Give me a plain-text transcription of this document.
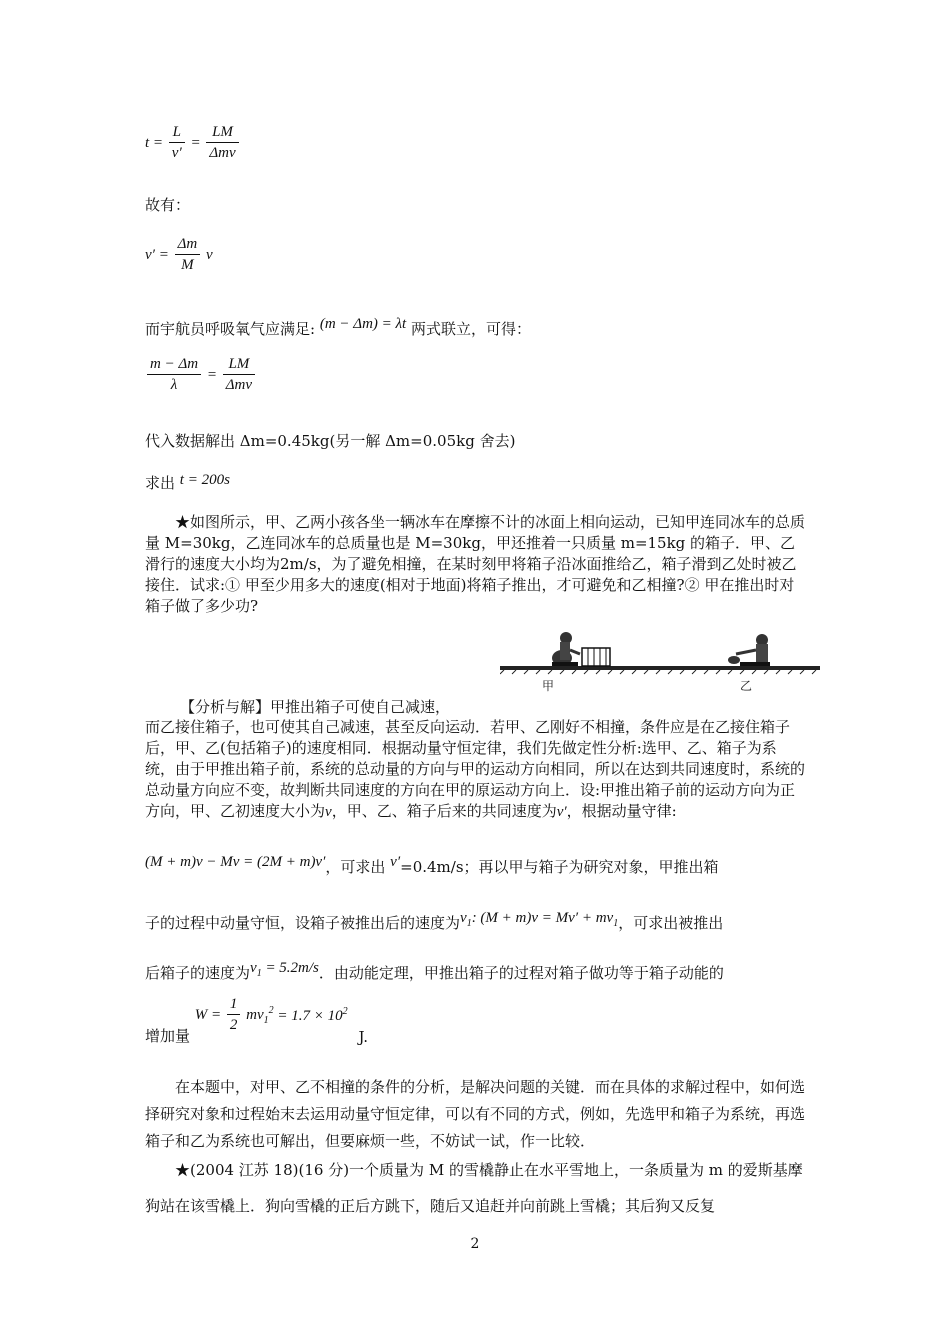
$t = \frac{L}{v'} = \frac{LM}{\text{Δmv}}$
故有：
$v' = \frac{\Delta m}{M}$ v
而宇航员呼吸氧气应满足: (m − Δm) = λt 两式联立，可得：
$\frac{m - \Delta m}{\lambda} = \frac{LM}{\text{Δmv}}$
代入数据解出 Δm=0.45kg(另一解 Δm=0.05kg 舍去)
求出 t = 200s
★如图所示，甲、乙两小孩各坐一辆冰车在摩擦不计的冰面上相向运动，已知甲连同冰车的总质量 M=30kg，乙连同冰车的总质量也是 M=30kg，甲还推着一只质量 m=15kg 的箱子．甲、乙滑行的速度大小均为2m/s，为了避免相撞，在某时刻甲将箱子沿冰面推给乙，箱子滑到乙处时被乙接住．试求:① 甲至少用多大的速度(相对于地面)将箱子推出，才可避免和乙相撞?② 甲在推出时对箱子做了多少功?
甲	乙
【分析与解】甲推出箱子可使自己减速，
而乙接住箱子，也可使其自己减速，甚至反向运动．若甲、乙刚好不相撞，条件应是在乙接住箱子后，甲、乙(包括箱子)的速度相同．根据动量守恒定律，我们先做定性分析:选甲、乙、箱子为系统，由于甲推出箱子前，系统的总动量的方向与甲的运动方向相同，所以在达到共同速度时，系统的总动量方向应不变，故判断共同速度的方向在甲的原运动方向上．设:甲推出箱子前的运动方向为正方向，甲、乙初速度大小为v，甲、乙、箱子后来的共同速度为v′，根据动量守律:
(M + m)v − Mv = (2M + m)v′，可求出 v′=0.4m/s；再以甲与箱子为研究对象，甲推出箱
子的过程中动量守恒，设箱子被推出后的速度为$v_1$: $(M + m)v = Mv' + mv_1$，可求出被推出
后箱子的速度为$v_1 = 5.2m/s$．由动能定理，甲推出箱子的过程对箱子做功等于箱子动能的
增加量 $W = \frac{1}{2} mv_1^2 = 1.7 \times 10^2$ J.
在本题中，对甲、乙不相撞的条件的分析，是解决问题的关键．而在具体的求解过程中，如何选择研究对象和过程始末去运用动量守恒定律，可以有不同的方式，例如，先选甲和箱子为系统，再选箱子和乙为系统也可解出，但要麻烦一些，不妨试一试，作一比较．
★(2004 江苏 18)(16 分)一个质量为 M 的雪橇静止在水平雪地上，一条质量为 m 的爱斯基摩狗站在该雪橇上．狗向雪橇的正后方跳下，随后又追赶并向前跳上雪橇；其后狗又反复
2
